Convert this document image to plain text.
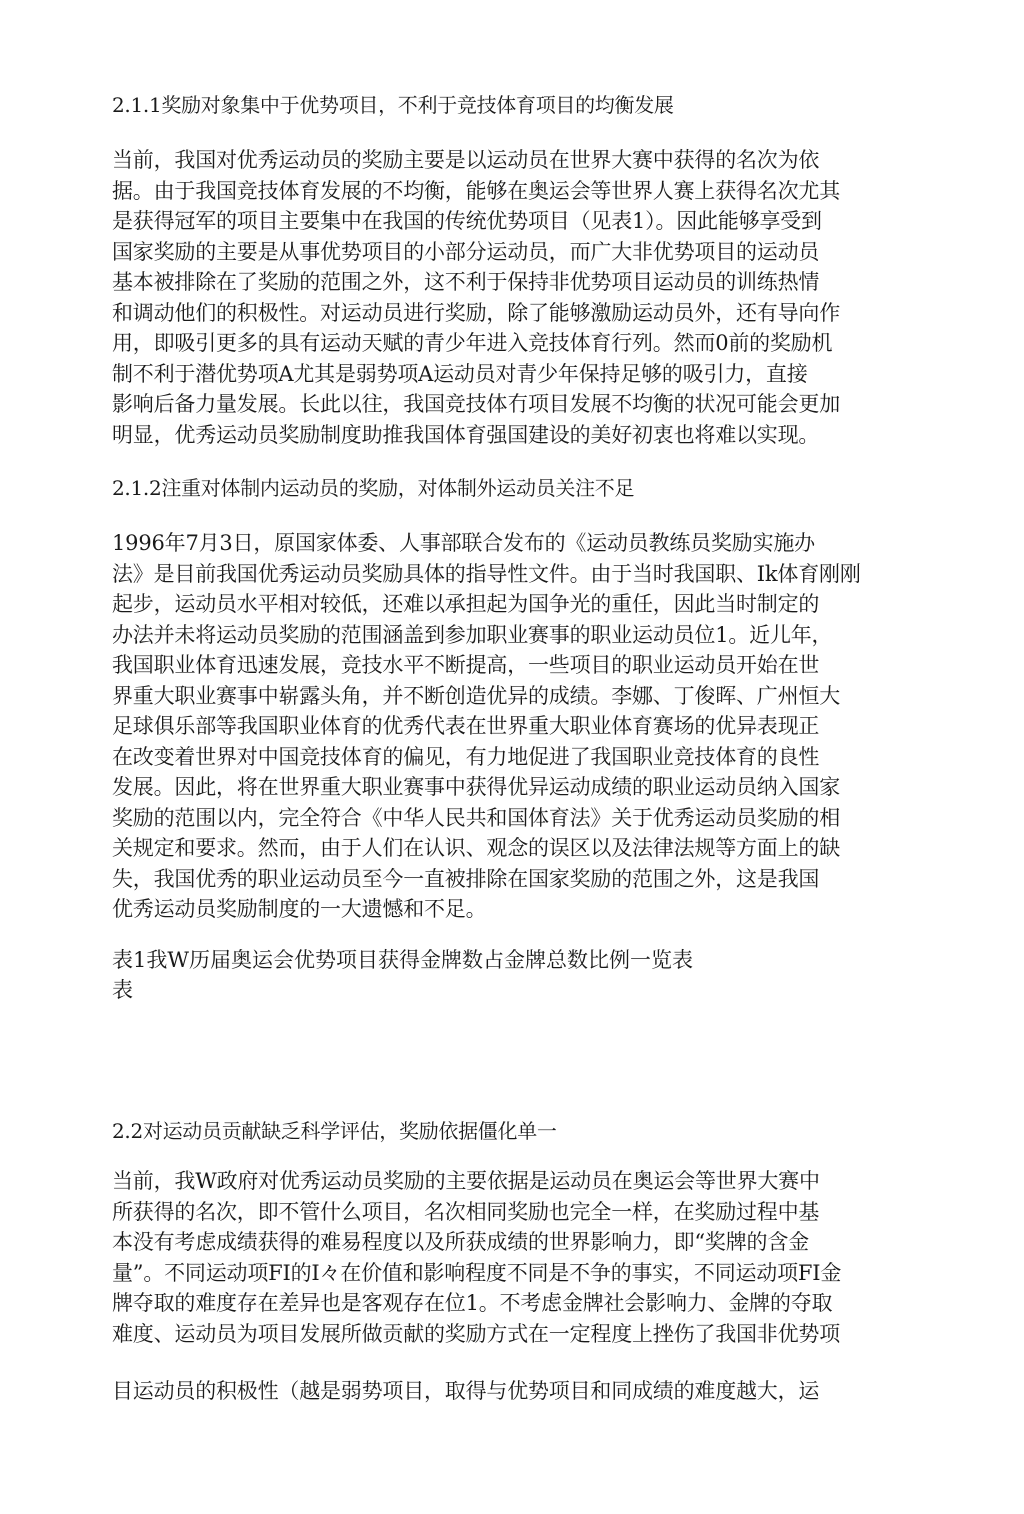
2.1.1奖励对象集中于优势项目，不利于竞技体育项目的均衡发展
当前，我国对优秀运动员的奖励主要是以运动员在世界大赛中获得的名次为依
据。由于我国竞技体育发展的不均衡，能够在奥运会等世界人赛上获得名次尤其
是获得冠军的项目主要集中在我国的传统优势项目（见表1）。因此能够享受到
国家奖励的主要是从事优势项目的小部分运动员，而广大非优势项目的运动员
基本被排除在了奖励的范围之外，这不利于保持非优势项目运动员的训练热情
和调动他们的积极性。对运动员进行奖励，除了能够激励运动员外，还有导向作
用，即吸引更多的具有运动天赋的青少年进入竞技体育行列。然而0前的奖励机
制不利于潜优势项A尤其是弱势项A运动员对青少年保持足够的吸引力，直接
影响后备力量发展。长此以往，我国竞技体冇项目发展不均衡的状况可能会更加
明显，优秀运动员奖励制度助推我国体育强国建设的美好初衷也将难以实现。
2.1.2注重对体制内运动员的奖励，对体制外运动员关注不足
1996年7月3日，原国家体委、人事部联合发布的《运动员教练员奖励实施办
法》是目前我国优秀运动员奖励具体的指导性文件。由于当时我国职、Ik体育刚刚
起步，运动员水平相对较低，还难以承担起为国争光的重任，因此当时制定的
办法并未将运动员奖励的范围涵盖到参加职业赛事的职业运动员位1。近儿年，
我国职业体育迅速发展，竞技水平不断提高，一些项目的职业运动员开始在世
界重大职业赛事中崭露头角，并不断创造优异的成绩。李娜、丁俊晖、广州恒大
足球俱乐部等我国职业体育的优秀代表在世界重大职业体育赛场的优异表现正
在改变着世界对中国竞技体育的偏见，有力地促进了我国职业竞技体育的良性
发展。因此，将在世界重大职业赛事中获得优异运动成绩的职业运动员纳入国家
奖励的范围以内，完全符合《中华人民共和国体育法》关于优秀运动员奖励的相
关规定和要求。然而，由于人们在认识、观念的误区以及法律法规等方面上的缺
失，我国优秀的职业运动员至今一直被排除在国家奖励的范围之外，这是我国
优秀运动员奖励制度的一大遗憾和不足。
表1我W历届奥运会优势项目获得金牌数占金牌总数比例一览表
表
2.2对运动员贡献缺乏科学评估，奖励依据僵化单一
当前，我W政府对优秀运动员奖励的主要依据是运动员在奥运会等世界大赛中
所获得的名次，即不管什么项目，名次相同奖励也完全一样，在奖励过程中基
本没有考虑成绩获得的难易程度以及所获成绩的世界影响力，即“奖牌的含金
量”。不同运动项FI的I々在价值和影响程度不同是不争的事实，不同运动项FI金
牌夺取的难度存在差异也是客观存在位1。不考虑金牌社会影响力、金牌的夺取
难度、运动员为项目发展所做贡献的奖励方式在一定程度上挫伤了我国非优势项
目运动员的积极性（越是弱势项目，取得与优势项目和同成绩的难度越大，运
